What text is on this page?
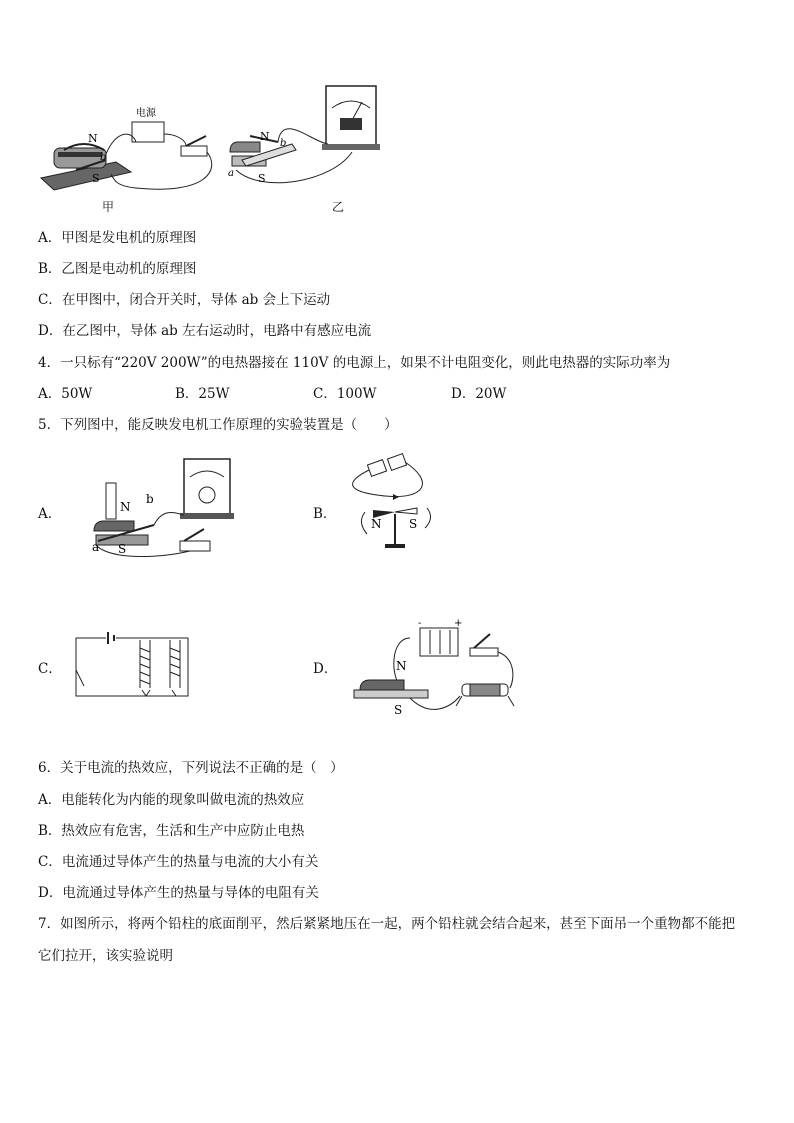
N
S
b
电源
甲
N
S
a
b
乙
A．甲图是发电机的原理图
B．乙图是电动机的原理图
C．在甲图中，闭合开关时，导体 ab 会上下运动
D．在乙图中，导体 ab 左右运动时，电路中有感应电流
4．一只标有“220V 200W”的电热器接在 110V 的电源上，如果不计电阻变化，则此电热器的实际功率为
A．50W	B．25W	C．100W	D．20W
5．下列图中，能反映发电机工作原理的实验装置是（　　）
A．	N
b
a S
B．
N S
C．	D．	N
S
-	+
6．关于电流的热效应，下列说法不正确的是（　）
A．电能转化为内能的现象叫做电流的热效应
B．热效应有危害，生活和生产中应防止电热
C．电流通过导体产生的热量与电流的大小有关
D．电流通过导体产生的热量与导体的电阻有关
7．如图所示，将两个铅柱的底面削平，然后紧紧地压在一起，两个铅柱就会结合起来，甚至下面吊一个重物都不能把
它们拉开，该实验说明
